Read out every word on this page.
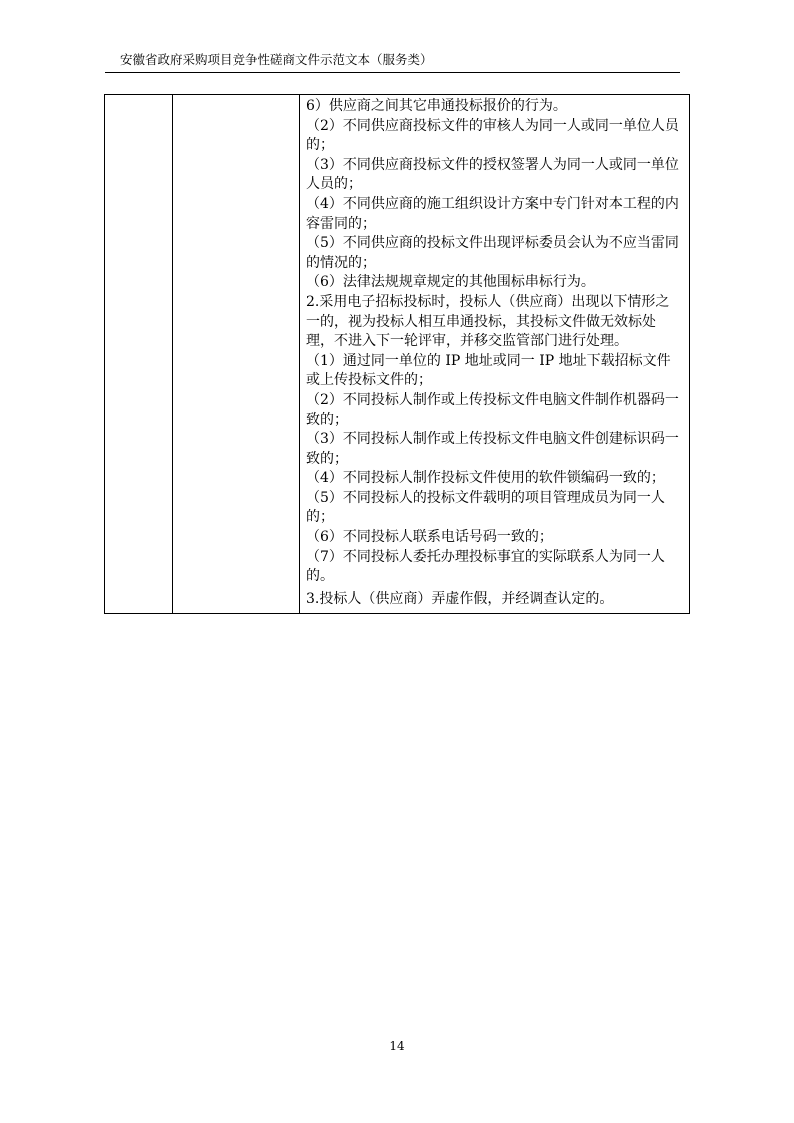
安徽省政府采购项目竞争性磋商文件示范文本（服务类）

6）供应商之间其它串通投标报价的行为。

（2）不同供应商投标文件的审核人为同一人或同一单位人员的；

（3）不同供应商投标文件的授权签署人为同一人或同一单位人员的；

（4）不同供应商的施工组织设计方案中专门针对本工程的内容雷同的；

（5）不同供应商的投标文件出现评标委员会认为不应当雷同的情况的；

（6）法律法规规章规定的其他围标串标行为。

2.采用电子招标投标时，投标人（供应商）出现以下情形之一的，视为投标人相互串通投标，其投标文件做无效标处理，不进入下一轮评审，并移交监管部门进行处理。

（1）通过同一单位的 IP 地址或同一 IP 地址下载招标文件或上传投标文件的；

（2）不同投标人制作或上传投标文件电脑文件制作机器码一致的；

（3）不同投标人制作或上传投标文件电脑文件创建标识码一致的；

（4）不同投标人制作投标文件使用的软件锁编码一致的；

（5）不同投标人的投标文件载明的项目管理成员为同一人的；

（6）不同投标人联系电话号码一致的；

（7）不同投标人委托办理投标事宜的实际联系人为同一人的。

3.投标人（供应商）弄虚作假，并经调查认定的。

14
